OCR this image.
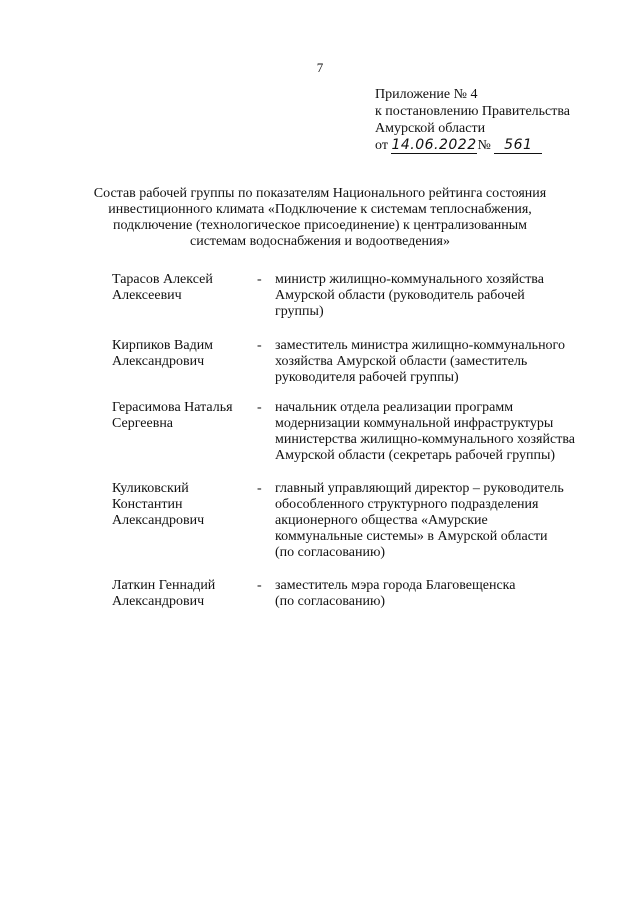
7
Приложение № 4
к постановлению Правительства
Амурской области
от 14.06.2022№ 561
Состав рабочей группы по показателям Национального рейтинга состояния
инвестиционного климата «Подключение к системам теплоснабжения,
подключение (технологическое присоединение) к централизованным
системам водоснабжения и водоотведения»
Тарасов Алексей
Алексеевич
- министр жилищно-коммунального хозяйства
Амурской области (руководитель рабочей
группы)
Кирпиков Вадим
Александрович
- заместитель министра жилищно-коммунального
хозяйства Амурской области (заместитель
руководителя рабочей группы)
Герасимова Наталья
Сергеевна
- начальник отдела реализации программ
модернизации коммунальной инфраструктуры
министерства жилищно-коммунального хозяйства
Амурской области (секретарь рабочей группы)
Куликовский
Константин
Александрович
- главный управляющий директор – руководитель
обособленного структурного подразделения
акционерного общества «Амурские
коммунальные системы» в Амурской области
(по согласованию)
Латкин Геннадий
Александрович
- заместитель мэра города Благовещенска
(по согласованию)
